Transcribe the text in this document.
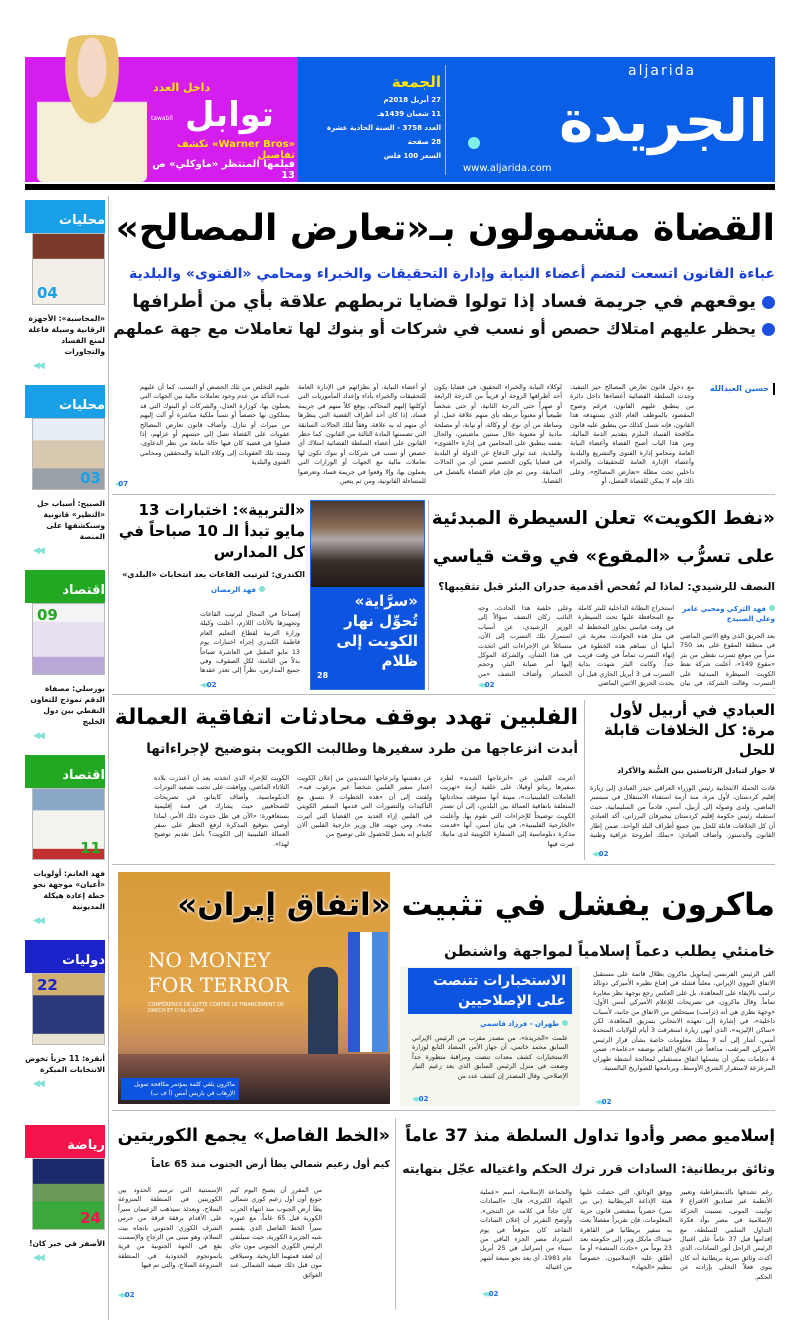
داخل العدد
tawabil توابل
«Warner Bros» تكشف تفاصيل
فيلمها المنتظر «ماوكلي» ص 13
الجمعة
27 أبريل 2018م
11 شعبان 1439هـ
العدد 3758 - السنة الحادية عشرة
28 صفحة
السعر 100 فلس
aljarida
الجريدة
www.aljarida.com
محليات
04
«المحاسبة»: الأجهزة الرقابية وسيلة فاعلة لمنع الفساد والتجاوزات
◀◀
محليات
03
الصبيح: أسباب حل «النظير» قانونية وسنكشفها على المنصة
◀◀
اقتصاد
09
بورسلي: مصفاة الدقم نموذج للتعاون النفطي بين دول الخليج
◀◀
اقتصاد
11
فهد الغانم: أولويات «أعيان» موجهة نحو خطة إعادة هيكلة المديونية
◀◀
دوليات
22
أنقرة: 11 حزباً تخوض الانتخابات المبكرة
◀◀
رياضة
24
الأصفر في خبر كان!
◀◀
القضاة مشمولون بـ«تعارض المصالح»
عباءة القانون اتسعت لتضم أعضاء النيابة وإدارة التحقيقات والخبراء ومحامي «الفتوى» والبلدية
يوقعهم في جريمة فساد إذا تولوا قضايا تربطهم علاقة بأي من أطرافها
يحظر عليهم امتلاك حصص أو نسب في شركات أو بنوك لها تعاملات مع جهة عملهم
حسين العبدالله
مع دخول قانون تعارض المصالح حيز التنفيذ، وجدت السلطة القضائية أعضاءها داخل دائرة من ينطبق عليهم القانون، فرغم وضوح المقصود بالموظف العام الذي يستهدفه هذا القانون، فإنه شمل كذلك من ينطبق عليه قانون مكافحة الفساد الملزم بتقديم الذمة المالية، ومن هذا الباب أصبح القضاة وأعضاء النيابة العامة ومحامو إدارة الفتوى والتشريع والبلدية وأعضاء الإدارة العامة للتحقيقات والخبراء داخلين تحت مظلة «تعارض المصالح». وعلى ذلك فإنه لا يمكن للقضاة الفصل، أو
لوكلاء النيابة والخبراء التحقيق، في قضايا يكون أحد أطرافها الزوجة أو قريباً من الدرجة الرابعة أو صهراً حتى الدرجة الثانية، أو حتى شخصاً طبيعياً أو معنوياً تربطه بأي منهم علاقة عمل، أو وساطة من أي نوع، أو وكالة، أو نيابة، أو مصلحة مادية أو معنوية خلال سنتين ماضيتين، والحال نفسه ينطبق على المحامين في إدارة «الفتوى» والبلدية، عند تولي الدفاع عن الدولة أو البلدية في قضايا يكون الخصم ضمن أي من الحالات السابقة. ومن ثم فإن قيام القضاة بالفصل في القضايا،
أو أعضاء النيابة، أو نظرائهم في الإدارة العامة للتحقيقات والخبراء بأداء وإعداد المأموريات التي أوكلتها إليهم المحاكم، يوقع كلاً منهم في جريمة فساد، إذا كان أحد أطراف القضية التي ينظرها أي منهم له به علاقة، وفقاً لتلك الحالات السابقة التي تضمنتها المادة الثالثة من القانون. كما حظر القانون على أعضاء السلطة القضائية امتلاك أي حصص أو نسب في شركات أو بنوك تكون لها تعاملات مالية مع الجهات أو الوزارات التي يعملون بها، وإلا وقعوا في جريمة فساد وتعرضوا للمساءلة القانونية، ومن ثم يتعين
عليهم التخلص من تلك الحصص أو النسب، كما أن عليهم عبء التأكد من عدم وجود تعاملات مالية بين الجهات التي يعملون بها، كوزارة العدل، والشركات أو البنوك التي قد يمتلكون بها حصصاً أو نسباً ملكية مباشرة أو آلت إليهم من ميراث أو تنازل. وأضاف قانون تعارض المصالح عقوبات على القضاة تصل إلى حبسهم أو عزلهم، إذا فصلوا في قضية كان فيها حالة مانعة من نظر الدعاوى، وتمتد تلك العقوبات إلى وكلاء النيابة والمحققين ومحامي الفتوى والبلدية
07◀
«نفط الكويت» تعلن السيطرة المبدئية
على تسرُّب «المقوع» في وقت قياسي
النصف للرشيدي: لماذا لم تُفحص أقدمية جدران البئر قبل تثقيبها؟
فهد التركي ومحيي عامر وعلي الصنيدح
بعد الحريق الذي وقع الاثنين الماضي في منطقة المقوع على بعد 750 متراً من موقع تسرب نفطي من بئر «مقوع 149»، أعلنت شركة نفط الكويت السيطرة المبدئية على التسرب. وقالت الشركة، في بيان
استخراج البطانة الداخلية للبئر كاملة مع المحافظة عليها تحت السيطرة في وقت قياسي تجاوز المخطط له في مثل هذه الحوادث، معربة عن أملها أن تساهم هذه الخطوة في إنهاء التسرب تماماً في وقت قريب جداً. وكانت البئر شهدت بداية التسرب في 3 أبريل الجاري قبل أن يحدث الحريق الاثنين الماضي
وعلى خلفية هذا الحادث، وجه النائب ركان النصف سؤالاً إلى الوزير الرشيدي، عن أسباب استمرار تلك التسرب إلى الآن، متسائلاً عن الإجراءات التي اتخذت في هذا الشأن، والشركة الموكل إليها أمر صيانة البئر، وحجم الخسائر. وأضاف النصف «من
02◀◀
«سرَّاية» تُحوِّل نهار الكويت إلى ظلام
28
«التربية»: اختبارات 13 مايو تبدأ الـ 10 صباحاً في كل المدارس
الكندري: لترتيب القاعات بعد انتخابات «البلدي»
فهد الرمضان
إفساحاً في المجال لترتيب القاعات وتجهيزها بالأثاث اللازم، أعلنت وكيلة وزارة التربية لقطاع التعليم العام فاطمة الكندري إجراء اختبارات يوم 13 مايو المقبل في العاشرة صباحاً بدلاً من الثامنة، لكل الصفوف، وفي جميع المدارس، نظراً إلى تعذر عقدها
02◀◀
العبادي في أربيل لأول مرة: كل الخلافات قابلة للحل
لا حوار لتبادل الرئاستين بين السُّنة والأكراد
قادت الحملة الانتخابية رئيس الوزراء العراقي حيدر العبادي إلى زيارة إقليم كردستان، لأول مرة، منذ أزمة استفتاء الاستقلال في سبتمبر الماضي. ولدى وصوله إلى أربيل، أمس، قادماً من السليمانية، حيث استقبله رئيس حكومة إقليم كردستان نيجيرفان البرزاني، أكد العبادي أن كل الخلافات قابلة للحل بين جميع أطراف البلد الواحد، ضمن إطار القانون والدستور. وأضاف العبادي: «نملك أطروحة عراقية وطنية
02◀◀
الفلبين تهدد بوقف محادثات اتفاقية العمالة
أبدت انزعاجها من طرد سفيرها وطالبت الكويت بتوضيح لإجراءاتها
أعربت الفلبين عن «انزعاجها الشديد» لطرد سفيرها ريناتو أوفيلا، على خلفية أزمة «تهريب العاملات الفلبينيات»، مبينة أنها ستوقف محادثاتها المتعلقة باتفاقية العمالة بين البلدين، إلى أن تصدر الكويت توضيحاً للإجراءات التي تقوم بها. وأعلنت «الخارجية الفلبينية»، في بيان أمس، أنها «قدمت مذكرة دبلوماسية إلى السفارة الكويتية لدى مانيلا، عبرت فيها
عن دهشتها وانزعاجها الشديدين من إعلان الكويت اعتبار سفير الفلبين شخصاً غير مرغوب فيه». ولفتت إلى أن «هذه الخطوات لا تتسق مع التأكيدات والتصورات التي قدمها السفير الكويتي في الفلبين إزاء العديد من القضايا التي أثيرت معه». ومن جهته، قال وزير خارجية الفلبين آلان كايتانو إنه يعمل للحصول على توضيح من
الكويت للإجراء الذي اتخذته بعد أن اعتذرت بلاده الثلاثاء الماضي، ووافقت على تجنب تصعيد التوترات الدبلوماسية. وأضاف كايتانو، في تصريحات للصحافيين حيث يشارك في قمة إقليمية بسنغافورة: «الآن في ظل حدوث ذلك الأمر، لماذا أوصي بتوقيع المذكرة لرفع الحظر على سفر العمالة الفلبينية إلى الكويت؟ نأمل تقديم توضيح لهذا».
NO MONEY
FOR TERROR
CONFÉRENCE DE LUTTE CONTRE LE FINANCEMENT DE DAECH ET D'AL-QAÏDA
ماكرون يلقي كلمة بمؤتمر مكافحة تمويل الإرهاب في باريس أمس (أ ف ب)
ماكرون يفشل في تثبيت «اتفاق إيران»
خامنئي يطلب دعماً إسلامياً لمواجهة واشنطن
ألقى الرئيس الفرنسي إيمانويل ماكرون بظلال قاتمة على مستقبل الاتفاق النووي الإيراني، معلناً فشله في إقناع نظيره الأميركي دونالد ترامب بالإبقاء على المعاهدة، بل على العكس رجع بوجهة نظر مغايرة تماماً. وقال ماكرون، في تصريحات للإعلام الأميركي أمس الأول: «وجهة نظري هي أنه (ترامب) سيتخلص من الاتفاق من جانبه، لأسباب داخلية»، في إشارة إلى تعهده الانتخابي بتمزيق المعاهدة. لكن «ساكن الإليزيه»، الذي أنهى زيارة استغرقت 3 أيام للولايات المتحدة أمس، أشار إلى أنه لا يملك معلومات خاصة بشأن قرار الرئيس الأميركي المرتقب، مدافعاً عن الاتفاق القائم بوصفه «دعامة»، ضمن 4 دعامات يمكن أن يشملها اتفاق مستقبلي لمعالجة أنشطة طهران المزعزعة لاستقرار الشرق الأوسط، وبرنامجها للصواريخ البالستية.
02◀◀
الاستخبارات تتنصت على الإصلاحيين
طهران - فرزاد قاسمي
علمت «الجريدة»، من مصدر مقرب من الرئيس الإيراني السابق محمد خاتمي، أن جهاز الأمن المضاد التابع لوزارة الاستخبارات كشف معدات تنصت ومراقبة متطورة جداً وضعت في منزل الرئيس السابق الذي يعد زعيم التيار الإصلاحي. وقال المصدر إن كشف عدد من
02◀◀
إسلاميو مصر وأدوا تداول السلطة منذ 37 عاماً
وثائق بريطانية: السادات قرر ترك الحكم واغتياله عجّل بنهايته
رغم تشدقها بالديمقراطية وتغيير الأنظمة عبر صناديق الاقتراع لا توابيت الموتى، تسببت الحركة الإسلامية في مصر بوأد فكرة التداول السلمي للسلطة، مع إقدامها قبل 37 عاماً على اغتيال الرئيس الراحل أنور السادات، الذي أكدت وثائق سرية بريطانية أنه كان ينوي فعلاً التخلي بإرادته عن الحكم.
ووفق الوثائق، التي حصلت عليها هيئة الإذاعة البريطانية (بي بي سي) حصرياً بمقتضى قانون حرية المعلومات، فإن تقريراً مفصلاً بعث به سفير بريطانيا في القاهرة حينذاك مايكل وير، إلى حكومته بعد 23 يوماً من «حادث المنصة» أو ما أطلق عليه الإسلاميون، خصوصاً تنظيم «الجهاد»
والجماعة الإسلامية، اسم «عملية الجهاد الكبرى»، قال: «السادات كان جاداً في كلامه عن التنحي». وأوضح التقرير أن إعلان السادات التقاعد كان متوقعاً في يوم استرداد مصر الجزء الباقي من سيناء من إسرائيل في 25 أبريل عام 1981، أي بعد نحو سبعة أشهر من اغتياله
02◀◀
«الخط الفاصل» يجمع الكوريتين
كيم أول زعيم شمالي يطأ أرض الجنوب منذ 65 عاماً
من المقرر أن يصبح اليوم كيم جونغ أون أول زعيم كوري شمالي يطأ أرض الجنوب منذ انتهاء الحرب الكورية قبل 65 عاماً، مع عبوره سيراً الخط الفاصل الذي يقسم شبه الجزيرة الكورية، حيث سيلتقي الرئيس الكوري الجنوبي مون جاي إن لعقد قمتهما التاريخية. وسيلاقي مون قبل ذلك ضيفه الشمالي عند العوائق
الإسمنتية التي ترسم الحدود بين الكوريتين في المنطقة المنزوعة السلاح، وبعدئذ سيذهب الزعيمان سيراً على الأقدام برفقة فرقة من حرس الشرف الكوري الجنوبي باتجاه بيت السلام، وهو مبنى من الزجاج والإسمنت يقع في الجهة الجنوبية من قرية بانمونجوم الحدودية في المنطقة المنزوعة السلاح، والتي تم فيها
02◀◀
